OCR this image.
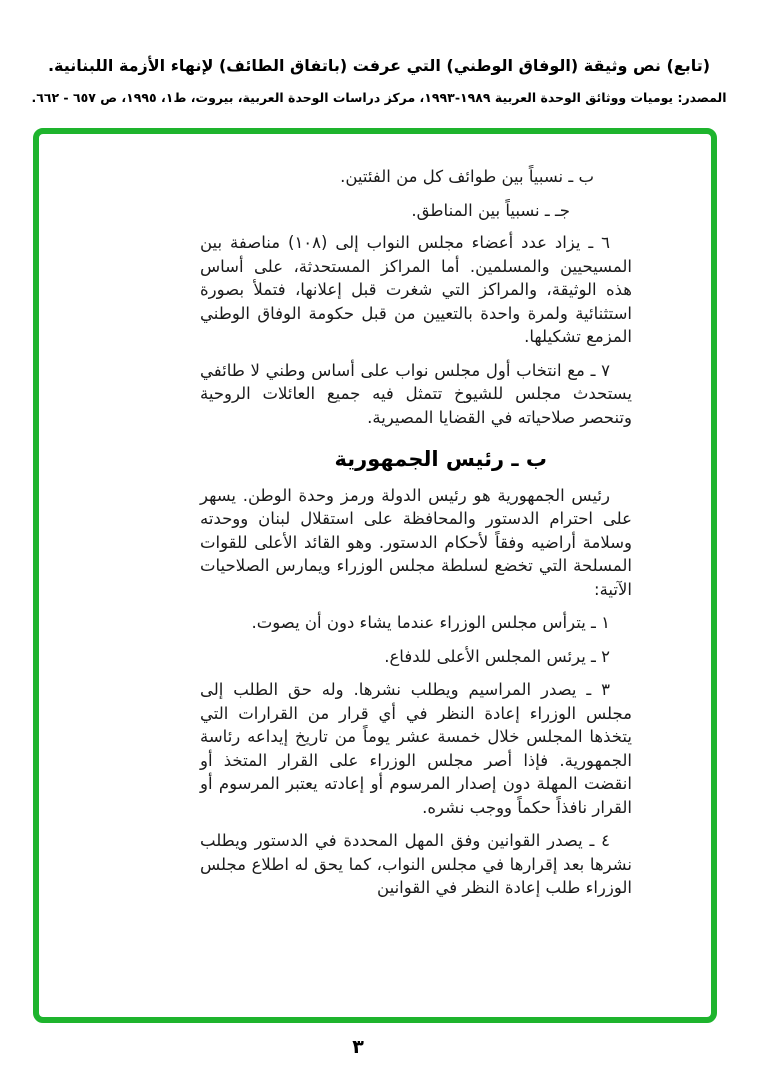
(تابع) نص وثيقة (الوفاق الوطني) التي عرفت (باتفاق الطائف) لإنهاء الأزمة اللبنانية.
المصدر: يوميات ووثائق الوحدة العربية ١٩٨٩-١٩٩٣، مركز دراسات الوحدة العربية، بيروت، ط١، ١٩٩٥، ص ٦٥٧ - ٦٦٢.

ب ـ نسبياً بين طوائف كل من الفئتين.

جـ ـ نسبياً بين المناطق.

٦ ـ يزاد عدد أعضاء مجلس النواب إلى (١٠٨) مناصفة بين المسيحيين والمسلمين. أما المراكز المستحدثة، على أساس هذه الوثيقة، والمراكز التي شغرت قبل إعلانها، فتملأ بصورة استثنائية ولمرة واحدة بالتعيين من قبل حكومة الوفاق الوطني المزمع تشكيلها.

٧ ـ مع انتخاب أول مجلس نواب على أساس وطني لا طائفي يستحدث مجلس للشيوخ تتمثل فيه جميع العائلات الروحية وتنحصر صلاحياته في القضايا المصيرية.

ب ـ رئيس الجمهورية

رئيس الجمهورية هو رئيس الدولة ورمز وحدة الوطن. يسهر على احترام الدستور والمحافظة على استقلال لبنان ووحدته وسلامة أراضيه وفقاً لأحكام الدستور. وهو القائد الأعلى للقوات المسلحة التي تخضع لسلطة مجلس الوزراء ويمارس الصلاحيات الآتية:

١ ـ يترأس مجلس الوزراء عندما يشاء دون أن يصوت.

٢ ـ يرئس المجلس الأعلى للدفاع.

٣ ـ يصدر المراسيم ويطلب نشرها. وله حق الطلب إلى مجلس الوزراء إعادة النظر في أي قرار من القرارات التي يتخذها المجلس خلال خمسة عشر يوماً من تاريخ إيداعه رئاسة الجمهورية. فإذا أصر مجلس الوزراء على القرار المتخذ أو انقضت المهلة دون إصدار المرسوم أو إعادته يعتبر المرسوم أو القرار نافذاً حكماً ووجب نشره.

٤ ـ يصدر القوانين وفق المهل المحددة في الدستور ويطلب نشرها بعد إقرارها في مجلس النواب، كما يحق له اطلاع مجلس الوزراء طلب إعادة النظر في القوانين

٣
